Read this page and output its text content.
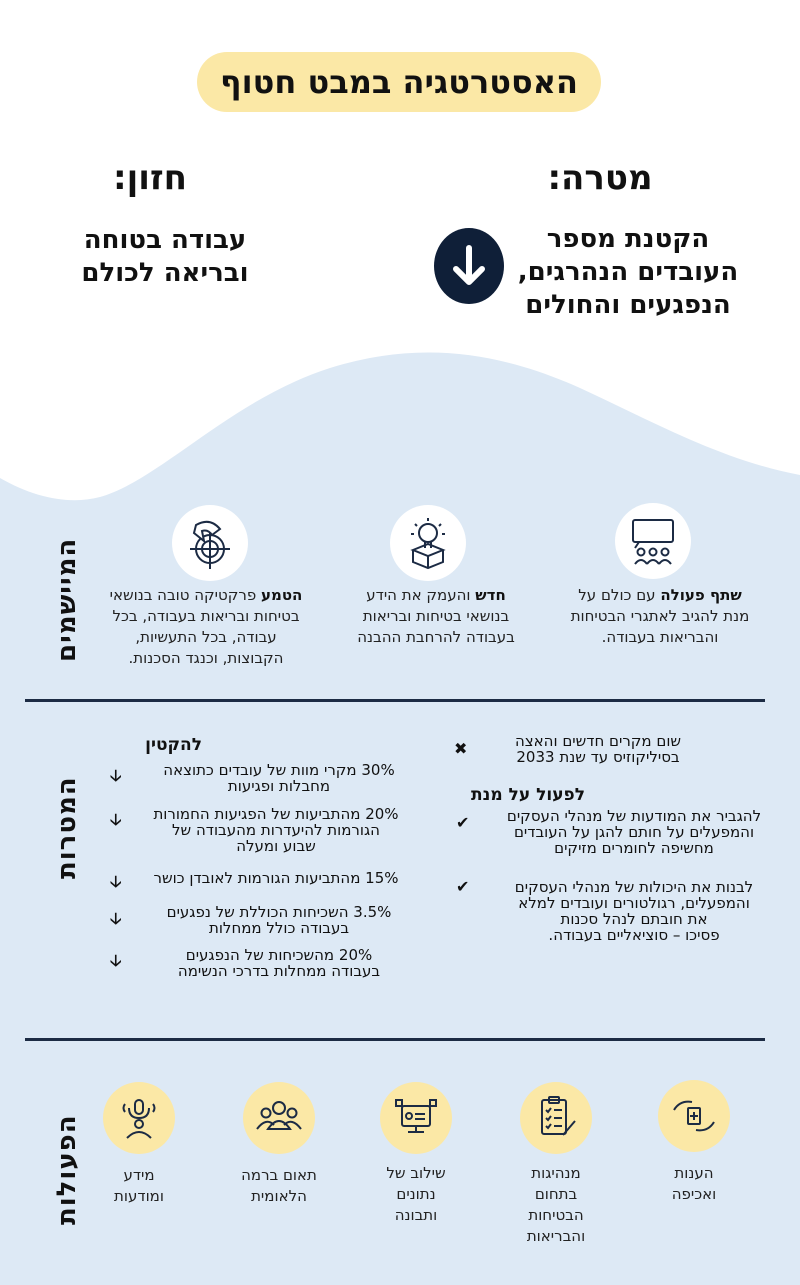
האסטרטגיה במבט חטוף
מטרה:
הקטנת מספר
העובדים הנהרגים,
הנפגעים והחולים
חזון:
עבודה בטוחה
ובריאה לכולם
המיישמים	שתף פעולה עם כולם על
מנת להגיב לאתגרי הבטיחות
והבריאות בעבודה.
חדש והעמק את הידע
בנושאי בטיחות ובריאות
בעבודה להרחבת ההבנה
הטמע פרקטיקה טובה בנושאי
בטיחות ובריאות בעבודה, בכל
עבודה, בכל התעשיות,
הקבוצות, וכנגד הסכנות.
המטרות
✖	שום מקרים חדשים והאצה
בסיליקוזיס עד שנת 2033
לפעול על מנת
✔	להגביר את המודעות של מנהלי העסקים
והמפעלים על חותם להגן על העובדים
מחשיפה לחומרים מזיקים
✔	לבנות את היכולות של מנהלי העסקים
והמפעלים, רגולטורים ועובדים למלא
את חובתם לנהל סכנות
פסיכו – סוציאליים בעבודה.
להקטין
🡣	30% מקרי מוות של עובדים כתוצאה
מחבלות ופגיעות
🡣	20% מהתביעות של הפגיעות החמורות
הגורמות להיעדרות מהעבודה של
שבוע ומעלה
🡣	15% מהתביעות הגורמות לאובדן כושר
🡣	3.5% השכיחות הכוללת של נפגעים
בעבודה כולל ממחלות
🡣	20% מהשכיחות של הנפגעים
בעבודה ממחלות בדרכי הנשימה
הפעולות	הענות
ואכיפה
מנהיגות
בתחום
הבטיחות
והבריאות
שילוב של
נתונים
ותבונה
תאום ברמה
הלאומית
מידע
ומודעות
